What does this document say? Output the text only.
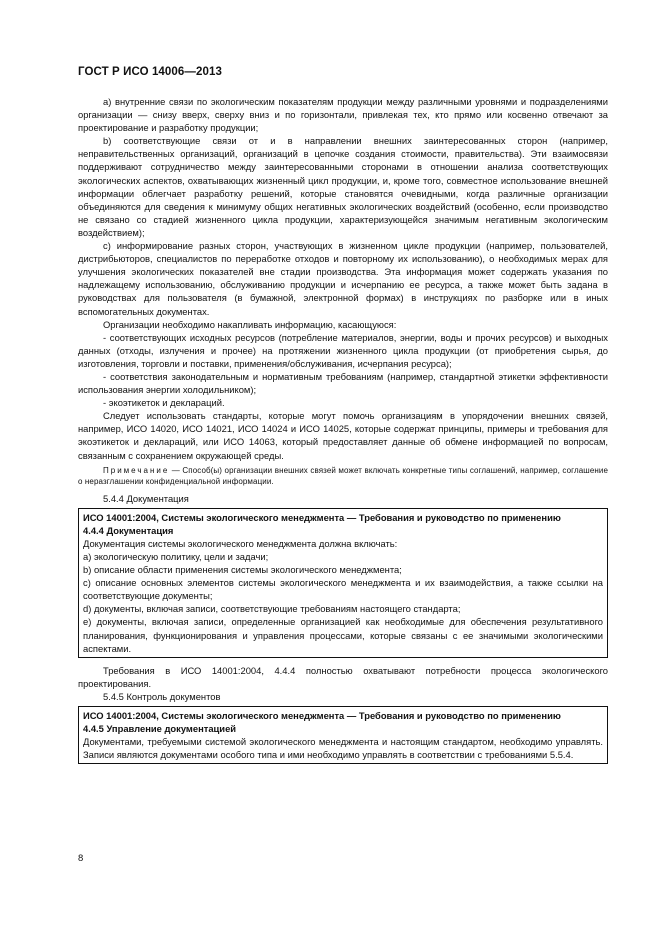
ГОСТ Р ИСО 14006—2013

а) внутренние связи по экологическим показателям продукции между различными уровнями и подразделениями организации — снизу вверх, сверху вниз и по горизонтали, привлекая тех, кто прямо или косвенно отвечают за проектирование и разработку продукции;

b) соответствующие связи от и в направлении внешних заинтересованных сторон (например, неправительственных организаций, организаций в цепочке создания стоимости, правительства). Эти взаимосвязи поддерживают сотрудничество между заинтересованными сторонами в отношении анализа соответствующих экологических аспектов, охватывающих жизненный цикл продукции, и, кроме того, совместное использование внешней информации облегчает разработку решений, которые становятся очевидными, когда различные организации объединяются для сведения к минимуму общих негативных экологических воздействий (особенно, если производство не связано со стадией жизненного цикла продукции, характеризующейся значимым негативным экологическим воздействием);

с) информирование разных сторон, участвующих в жизненном цикле продукции (например, пользователей, дистрибьюторов, специалистов по переработке отходов и повторному их использованию), о необходимых мерах для улучшения экологических показателей вне стадии производства. Эта информация может содержать указания по надлежащему использованию, обслуживанию продукции и исчерпанию ее ресурса, а также может быть задана в руководствах для пользователя (в бумажной, электронной формах) в инструкциях по разборке или в иных вспомогательных документах.

Организации необходимо накапливать информацию, касающуюся:

- соответствующих исходных ресурсов (потребление материалов, энергии, воды и прочих ресурсов) и выходных данных (отходы, излучения и прочее) на протяжении жизненного цикла продукции (от приобретения сырья, до изготовления, торговли и поставки, применения/обслуживания, исчерпания ресурса);

- соответствия законодательным и нормативным требованиям (например, стандартной этикетки эффективности использования энергии холодильником);

- экоэтикеток и деклараций.

Следует использовать стандарты, которые могут помочь организациям в упорядочении внешних связей, например, ИСО 14020, ИСО 14021, ИСО 14024 и ИСО 14025, которые содержат принципы, примеры и требования для экоэтикеток и деклараций, или ИСО 14063, который предоставляет данные об обмене информацией по вопросам, связанным с сохранением окружающей среды.

Примечание — Способ(ы) организации внешних связей может включать конкретные типы соглашений, например, соглашение о неразглашении конфиденциальной информации.

5.4.4 Документация

ИСО 14001:2004, Системы экологического менеджмента — Требования и руководство по применению
4.4.4 Документация
Документация системы экологического менеджмента должна включать:
a) экологическую политику, цели и задачи;
b) описание области применения системы экологического менеджмента;
c) описание основных элементов системы экологического менеджмента и их взаимодействия, а также ссылки на соответствующие документы;
d) документы, включая записи, соответствующие требованиям настоящего стандарта;
e) документы, включая записи, определенные организацией как необходимые для обеспечения результативного планирования, функционирования и управления процессами, которые связаны с ее значимыми экологическими аспектами.

Требования в ИСО 14001:2004, 4.4.4 полностью охватывают потребности процесса экологического проектирования.

5.4.5 Контроль документов

ИСО 14001:2004, Системы экологического менеджмента — Требования и руководство по применению
4.4.5 Управление документацией
Документами, требуемыми системой экологического менеджмента и настоящим стандартом, необходимо управлять. Записи являются документами особого типа и ими необходимо управлять в соответствии с требованиями 5.5.4.
8
